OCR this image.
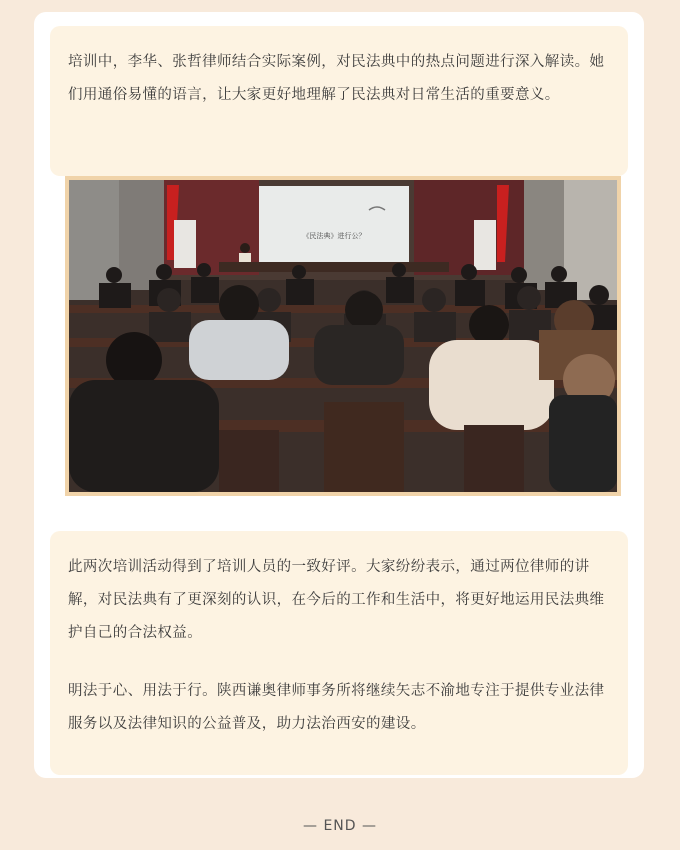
培训中，李华、张哲律师结合实际案例，对民法典中的热点问题进行深入解读。她们用通俗易懂的语言，让大家更好地理解了民法典对日常生活的重要意义。

《民法典》进行公？

此两次培训活动得到了培训人员的一致好评。大家纷纷表示，通过两位律师的讲解，对民法典有了更深刻的认识，在今后的工作和生活中，将更好地运用民法典维护自己的合法权益。

明法于心、用法于行。陕西谦奥律师事务所将继续矢志不渝地专注于提供专业法律服务以及法律知识的公益普及，助力法治西安的建设。

— END —
